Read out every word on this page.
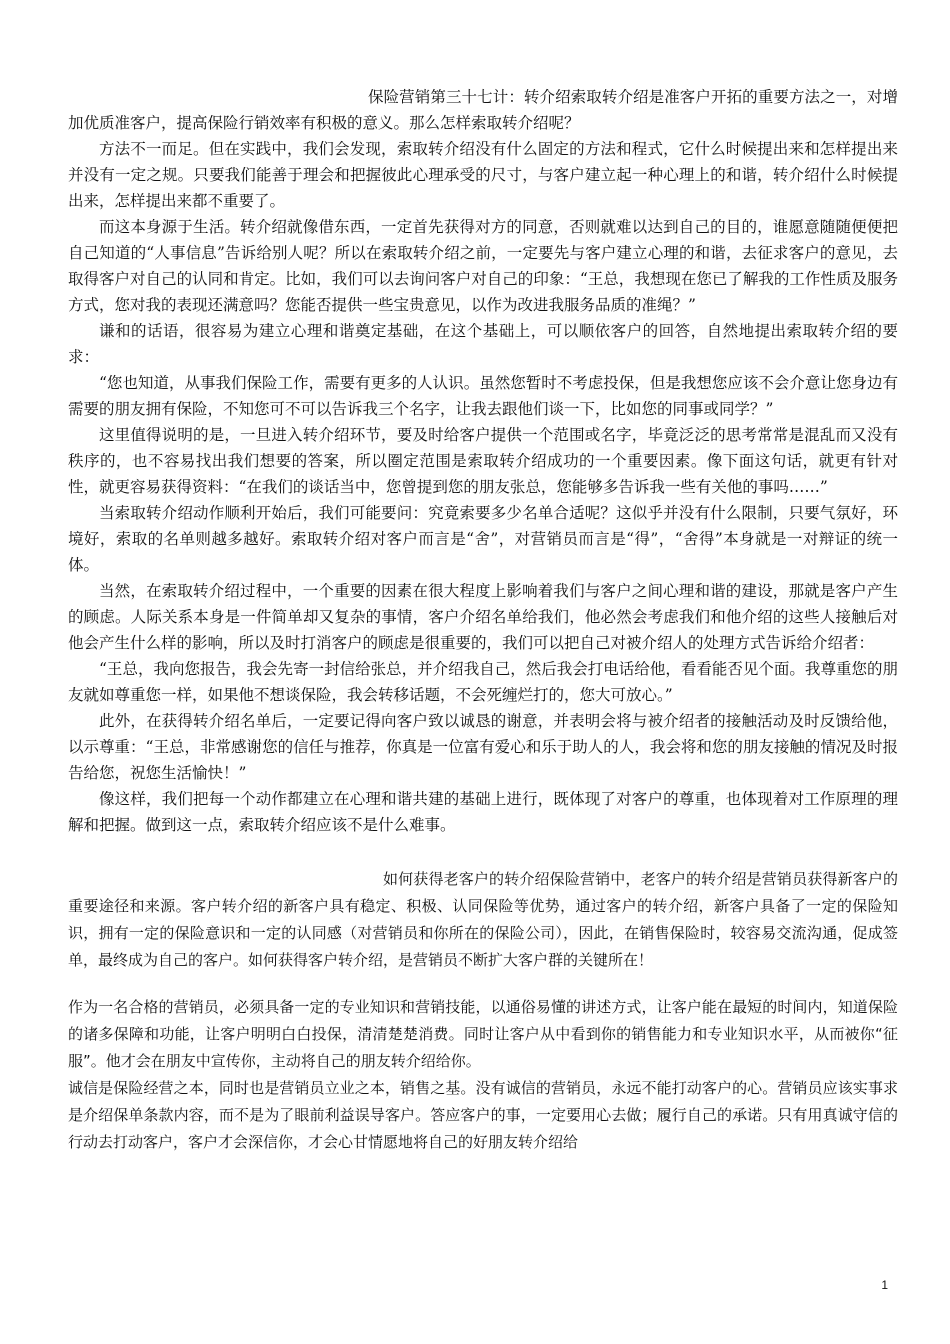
保险营销第三十七计：转介绍索取转介绍是准客户开拓的重要方法之一，对增加优质准客户，提高保险行销效率有积极的意义。那么怎样索取转介绍呢？

方法不一而足。但在实践中，我们会发现，索取转介绍没有什么固定的方法和程式，它什么时候提出来和怎样提出来并没有一定之规。只要我们能善于理会和把握彼此心理承受的尺寸，与客户建立起一种心理上的和谐，转介绍什么时候提出来，怎样提出来都不重要了。

而这本身源于生活。转介绍就像借东西，一定首先获得对方的同意，否则就难以达到自己的目的，谁愿意随随便便把自己知道的“人事信息”告诉给别人呢？所以在索取转介绍之前，一定要先与客户建立心理的和谐，去征求客户的意见，去取得客户对自己的认同和肯定。比如，我们可以去询问客户对自己的印象：“王总，我想现在您已了解我的工作性质及服务方式，您对我的表现还满意吗？您能否提供一些宝贵意见，以作为改进我服务品质的准绳？”

谦和的话语，很容易为建立心理和谐奠定基础，在这个基础上，可以顺依客户的回答，自然地提出索取转介绍的要求：

“您也知道，从事我们保险工作，需要有更多的人认识。虽然您暂时不考虑投保，但是我想您应该不会介意让您身边有需要的朋友拥有保险，不知您可不可以告诉我三个名字，让我去跟他们谈一下，比如您的同事或同学？”

这里值得说明的是，一旦进入转介绍环节，要及时给客户提供一个范围或名字，毕竟泛泛的思考常常是混乱而又没有秩序的，也不容易找出我们想要的答案，所以圈定范围是索取转介绍成功的一个重要因素。像下面这句话，就更有针对性，就更容易获得资料：“在我们的谈话当中，您曾提到您的朋友张总，您能够多告诉我一些有关他的事吗……”

当索取转介绍动作顺利开始后，我们可能要问：究竟索要多少名单合适呢？这似乎并没有什么限制，只要气氛好，环境好，索取的名单则越多越好。索取转介绍对客户而言是“舍”，对营销员而言是“得”，“舍得”本身就是一对辩证的统一体。

当然，在索取转介绍过程中，一个重要的因素在很大程度上影响着我们与客户之间心理和谐的建设，那就是客户产生的顾虑。人际关系本身是一件简单却又复杂的事情，客户介绍名单给我们，他必然会考虑我们和他介绍的这些人接触后对他会产生什么样的影响，所以及时打消客户的顾虑是很重要的，我们可以把自己对被介绍人的处理方式告诉给介绍者：

“王总，我向您报告，我会先寄一封信给张总，并介绍我自己，然后我会打电话给他，看看能否见个面。我尊重您的朋友就如尊重您一样，如果他不想谈保险，我会转移话题，不会死缠烂打的，您大可放心。”

此外，在获得转介绍名单后，一定要记得向客户致以诚恳的谢意，并表明会将与被介绍者的接触活动及时反馈给他，以示尊重：“王总，非常感谢您的信任与推荐，你真是一位富有爱心和乐于助人的人，我会将和您的朋友接触的情况及时报告给您，祝您生活愉快！”

像这样，我们把每一个动作都建立在心理和谐共建的基础上进行，既体现了对客户的尊重，也体现着对工作原理的理解和把握。做到这一点，索取转介绍应该不是什么难事。

如何获得老客户的转介绍保险营销中，老客户的转介绍是营销员获得新客户的重要途径和来源。客户转介绍的新客户具有稳定、积极、认同保险等优势，通过客户的转介绍，新客户具备了一定的保险知识，拥有一定的保险意识和一定的认同感（对营销员和你所在的保险公司），因此，在销售保险时，较容易交流沟通，促成签单，最终成为自己的客户。如何获得客户转介绍，是营销员不断扩大客户群的关键所在！

作为一名合格的营销员，必须具备一定的专业知识和营销技能，以通俗易懂的讲述方式，让客户能在最短的时间内，知道保险的诸多保障和功能，让客户明明白白投保，清清楚楚消费。同时让客户从中看到你的销售能力和专业知识水平，从而被你“征服”。他才会在朋友中宣传你，主动将自己的朋友转介绍给你。

诚信是保险经营之本，同时也是营销员立业之本，销售之基。没有诚信的营销员，永远不能打动客户的心。营销员应该实事求是介绍保单条款内容，而不是为了眼前利益误导客户。答应客户的事，一定要用心去做；履行自己的承诺。只有用真诚守信的行动去打动客户，客户才会深信你，才会心甘情愿地将自己的好朋友转介绍给

1
